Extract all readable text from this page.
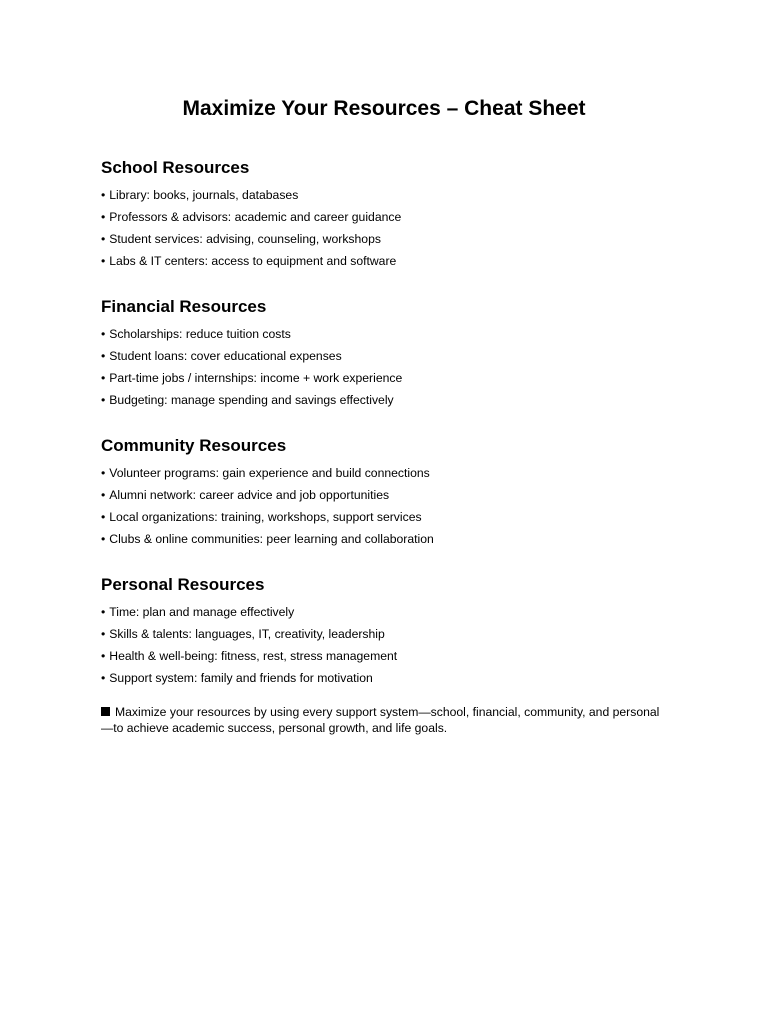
Maximize Your Resources – Cheat Sheet
School Resources
• Library: books, journals, databases
• Professors & advisors: academic and career guidance
• Student services: advising, counseling, workshops
• Labs & IT centers: access to equipment and software
Financial Resources
• Scholarships: reduce tuition costs
• Student loans: cover educational expenses
• Part-time jobs / internships: income + work experience
• Budgeting: manage spending and savings effectively
Community Resources
• Volunteer programs: gain experience and build connections
• Alumni network: career advice and job opportunities
• Local organizations: training, workshops, support services
• Clubs & online communities: peer learning and collaboration
Personal Resources
• Time: plan and manage effectively
• Skills & talents: languages, IT, creativity, leadership
• Health & well-being: fitness, rest, stress management
• Support system: family and friends for motivation

Maximize your resources by using every support system—school, financial, community, and personal—to achieve academic success, personal growth, and life goals.
